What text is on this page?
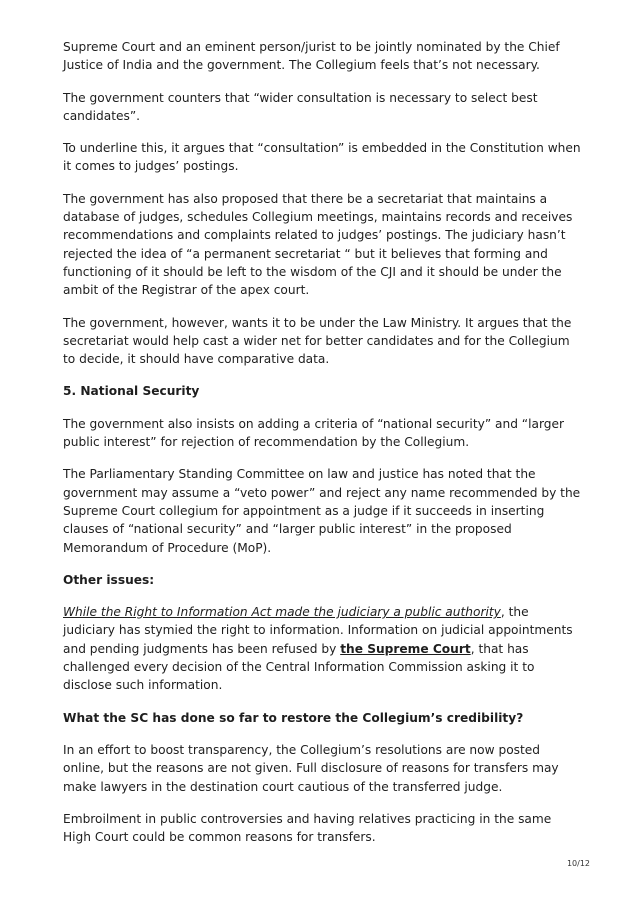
Supreme Court and an eminent person/jurist to be jointly nominated by the Chief Justice of India and the government. The Collegium feels that’s not necessary.

The government counters that “wider consultation is necessary to select best candidates”.

To underline this, it argues that “consultation” is embedded in the Constitution when it comes to judges’ postings.

The government has also proposed that there be a secretariat that maintains a database of judges, schedules Collegium meetings, maintains records and receives recommendations and complaints related to judges’ postings. The judiciary hasn’t rejected the idea of “a permanent secretariat “ but it believes that forming and functioning of it should be left to the wisdom of the CJI and it should be under the ambit of the Registrar of the apex court.

The government, however, wants it to be under the Law Ministry. It argues that the secretariat would help cast a wider net for better candidates and for the Collegium to decide, it should have comparative data.

5. National Security

The government also insists on adding a criteria of “national security” and “larger public interest” for rejection of recommendation by the Collegium.

The Parliamentary Standing Committee on law and justice has noted that the government may assume a “veto power” and reject any name recommended by the Supreme Court collegium for appointment as a judge if it succeeds in inserting clauses of “national security” and “larger public interest” in the proposed Memorandum of Procedure (MoP).

Other issues:

While the Right to Information Act made the judiciary a public authority, the judiciary has stymied the right to information. Information on judicial appointments and pending judgments has been refused by the Supreme Court, that has challenged every decision of the Central Information Commission asking it to disclose such information.

What the SC has done so far to restore the Collegium’s credibility?

In an effort to boost transparency, the Collegium’s resolutions are now posted online, but the reasons are not given. Full disclosure of reasons for transfers may make lawyers in the destination court cautious of the transferred judge.

Embroilment in public controversies and having relatives practicing in the same High Court could be common reasons for transfers.

10/12
